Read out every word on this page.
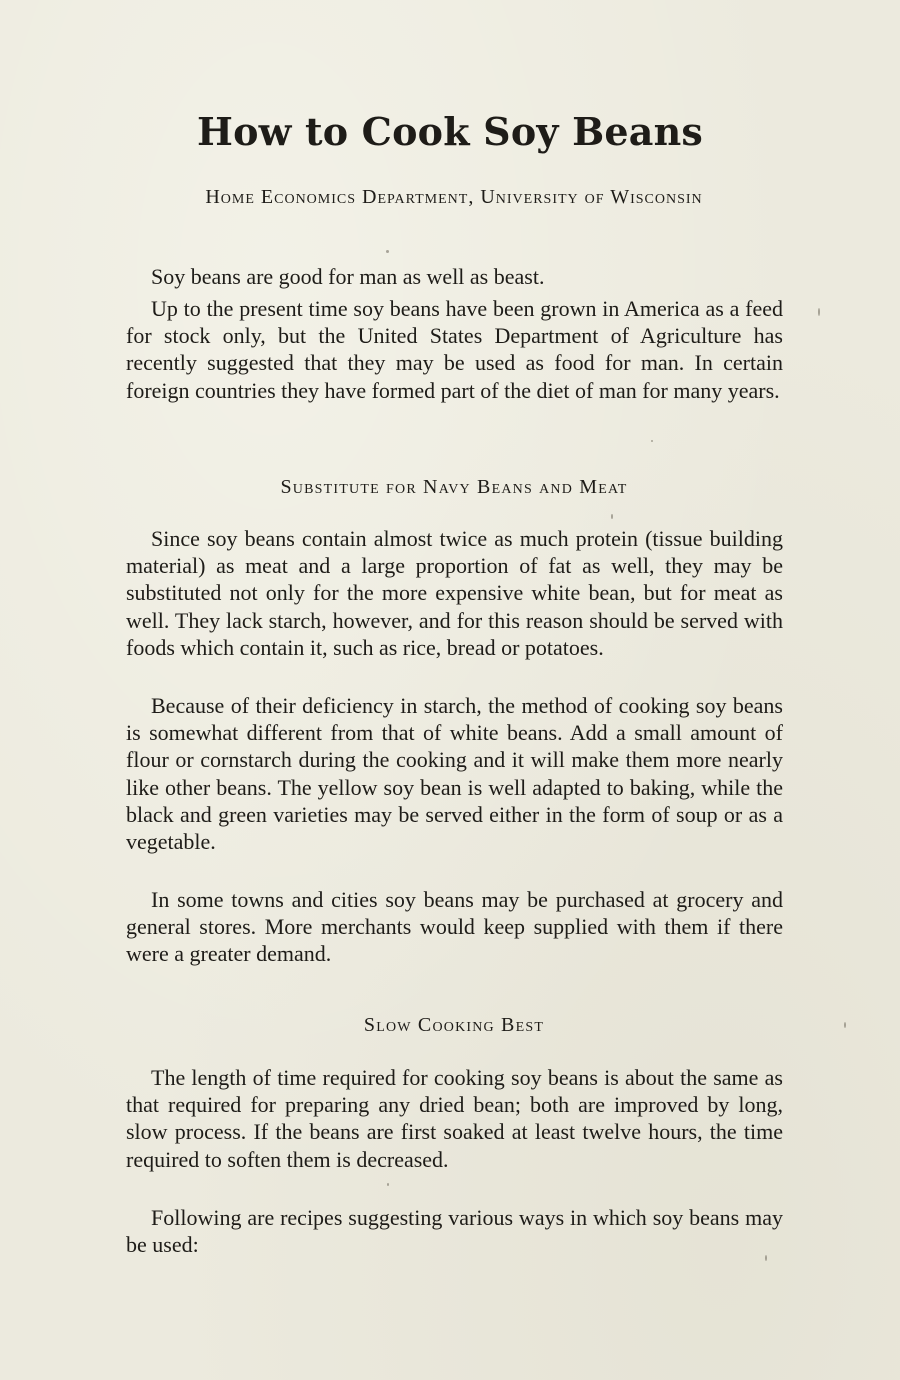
How to Cook Soy Beans

Home Economics Department, University of Wisconsin

Soy beans are good for man as well as beast.

Up to the present time soy beans have been grown in America as a feed for stock only, but the United States Department of Agriculture has recently suggested that they may be used as food for man. In certain foreign countries they have formed part of the diet of man for many years.

Substitute for Navy Beans and Meat

Since soy beans contain almost twice as much protein (tissue building material) as meat and a large proportion of fat as well, they may be substituted not only for the more expensive white bean, but for meat as well. They lack starch, however, and for this reason should be served with foods which contain it, such as rice, bread or potatoes.

Because of their deficiency in starch, the method of cooking soy beans is somewhat different from that of white beans. Add a small amount of flour or cornstarch during the cooking and it will make them more nearly like other beans. The yellow soy bean is well adapted to baking, while the black and green varieties may be served either in the form of soup or as a vegetable.

In some towns and cities soy beans may be purchased at grocery and general stores. More merchants would keep supplied with them if there were a greater demand.

Slow Cooking Best

The length of time required for cooking soy beans is about the same as that required for preparing any dried bean; both are improved by long, slow process. If the beans are first soaked at least twelve hours, the time required to soften them is decreased.

Following are recipes suggesting various ways in which soy beans may be used:
